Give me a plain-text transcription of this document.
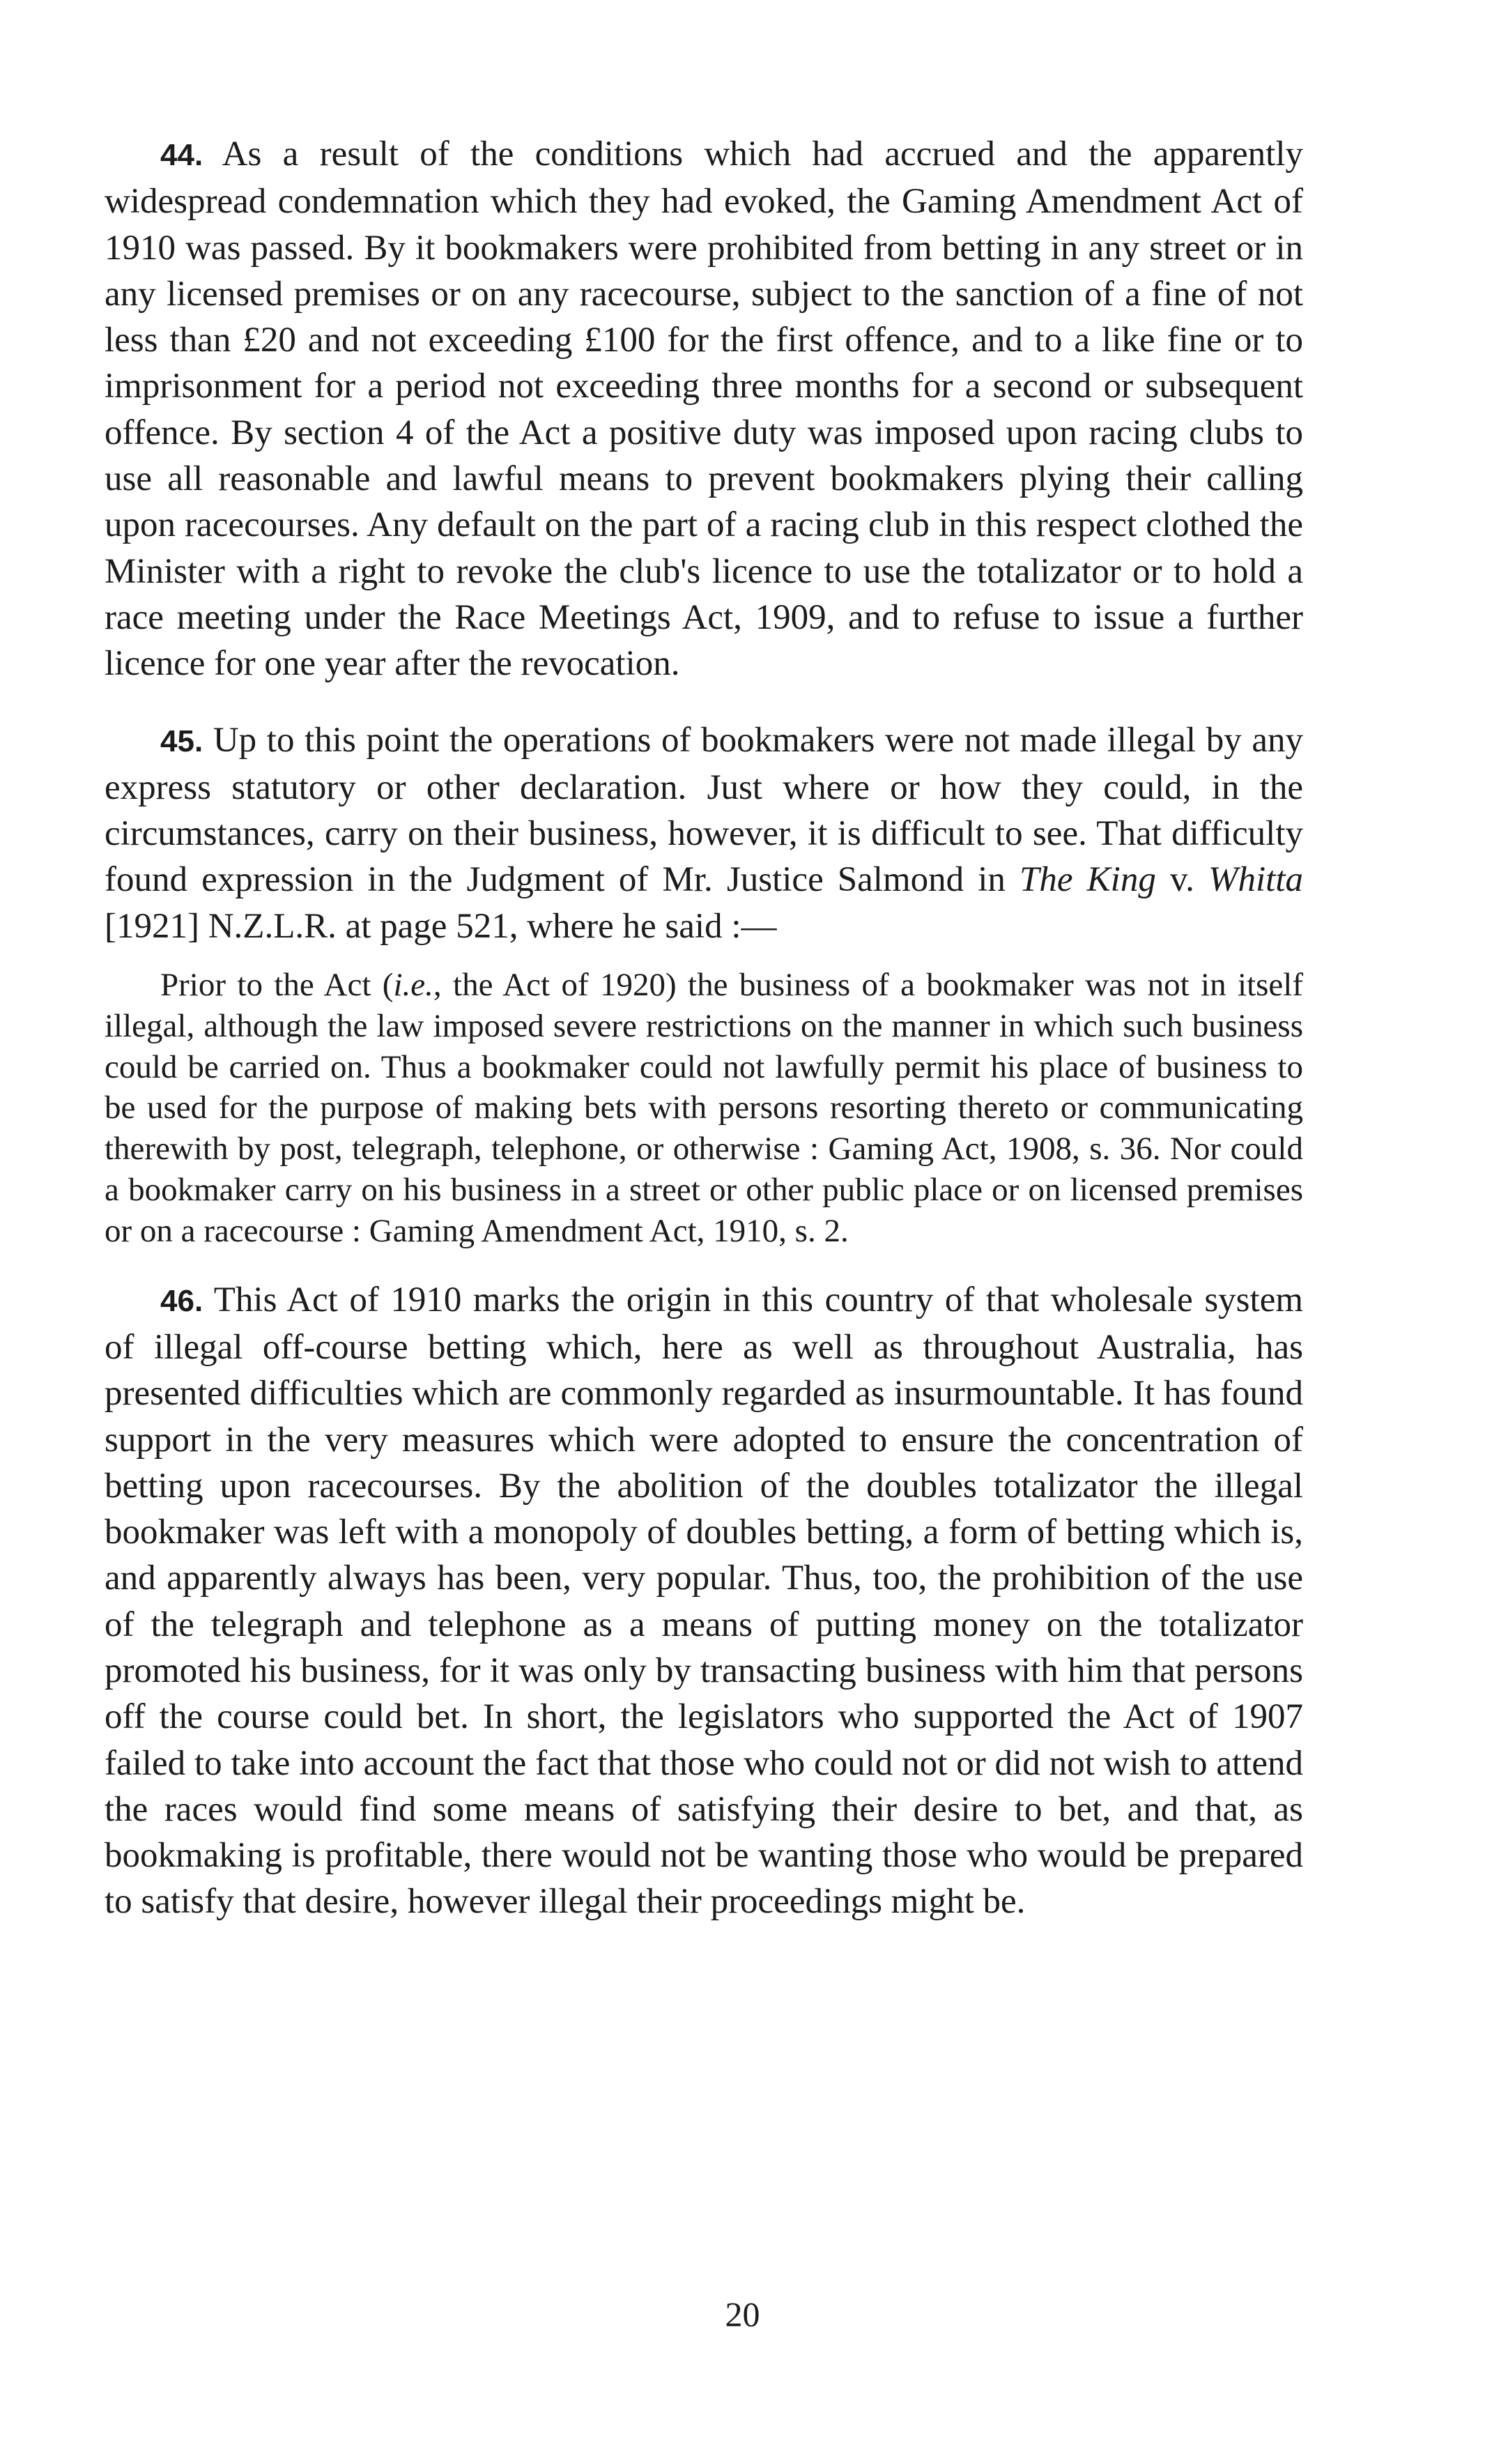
44. As a result of the conditions which had accrued and the apparently widespread condemnation which they had evoked, the Gaming Amendment Act of 1910 was passed. By it bookmakers were prohibited from betting in any street or in any licensed premises or on any racecourse, subject to the sanction of a fine of not less than £20 and not exceeding £100 for the first offence, and to a like fine or to imprisonment for a period not exceeding three months for a second or subsequent offence. By section 4 of the Act a positive duty was imposed upon racing clubs to use all reasonable and lawful means to prevent bookmakers plying their calling upon racecourses. Any default on the part of a racing club in this respect clothed the Minister with a right to revoke the club's licence to use the totalizator or to hold a race meeting under the Race Meetings Act, 1909, and to refuse to issue a further licence for one year after the revocation.

45. Up to this point the operations of bookmakers were not made illegal by any express statutory or other declaration. Just where or how they could, in the circumstances, carry on their business, however, it is difficult to see. That difficulty found expression in the Judgment of Mr. Justice Salmond in The King v. Whitta [1921] N.Z.L.R. at page 521, where he said :—

Prior to the Act (i.e., the Act of 1920) the business of a bookmaker was not in itself illegal, although the law imposed severe restrictions on the manner in which such business could be carried on. Thus a bookmaker could not lawfully permit his place of business to be used for the purpose of making bets with persons resorting thereto or communicating therewith by post, telegraph, telephone, or otherwise : Gaming Act, 1908, s. 36. Nor could a bookmaker carry on his business in a street or other public place or on licensed premises or on a racecourse : Gaming Amendment Act, 1910, s. 2.

46. This Act of 1910 marks the origin in this country of that wholesale system of illegal off-course betting which, here as well as throughout Australia, has presented difficulties which are commonly regarded as insurmountable. It has found support in the very measures which were adopted to ensure the concentration of betting upon racecourses. By the abolition of the doubles totalizator the illegal bookmaker was left with a monopoly of doubles betting, a form of betting which is, and apparently always has been, very popular. Thus, too, the prohibition of the use of the telegraph and telephone as a means of putting money on the totalizator promoted his business, for it was only by transacting business with him that persons off the course could bet. In short, the legislators who supported the Act of 1907 failed to take into account the fact that those who could not or did not wish to attend the races would find some means of satisfying their desire to bet, and that, as bookmaking is profitable, there would not be wanting those who would be prepared to satisfy that desire, however illegal their proceedings might be.

20
